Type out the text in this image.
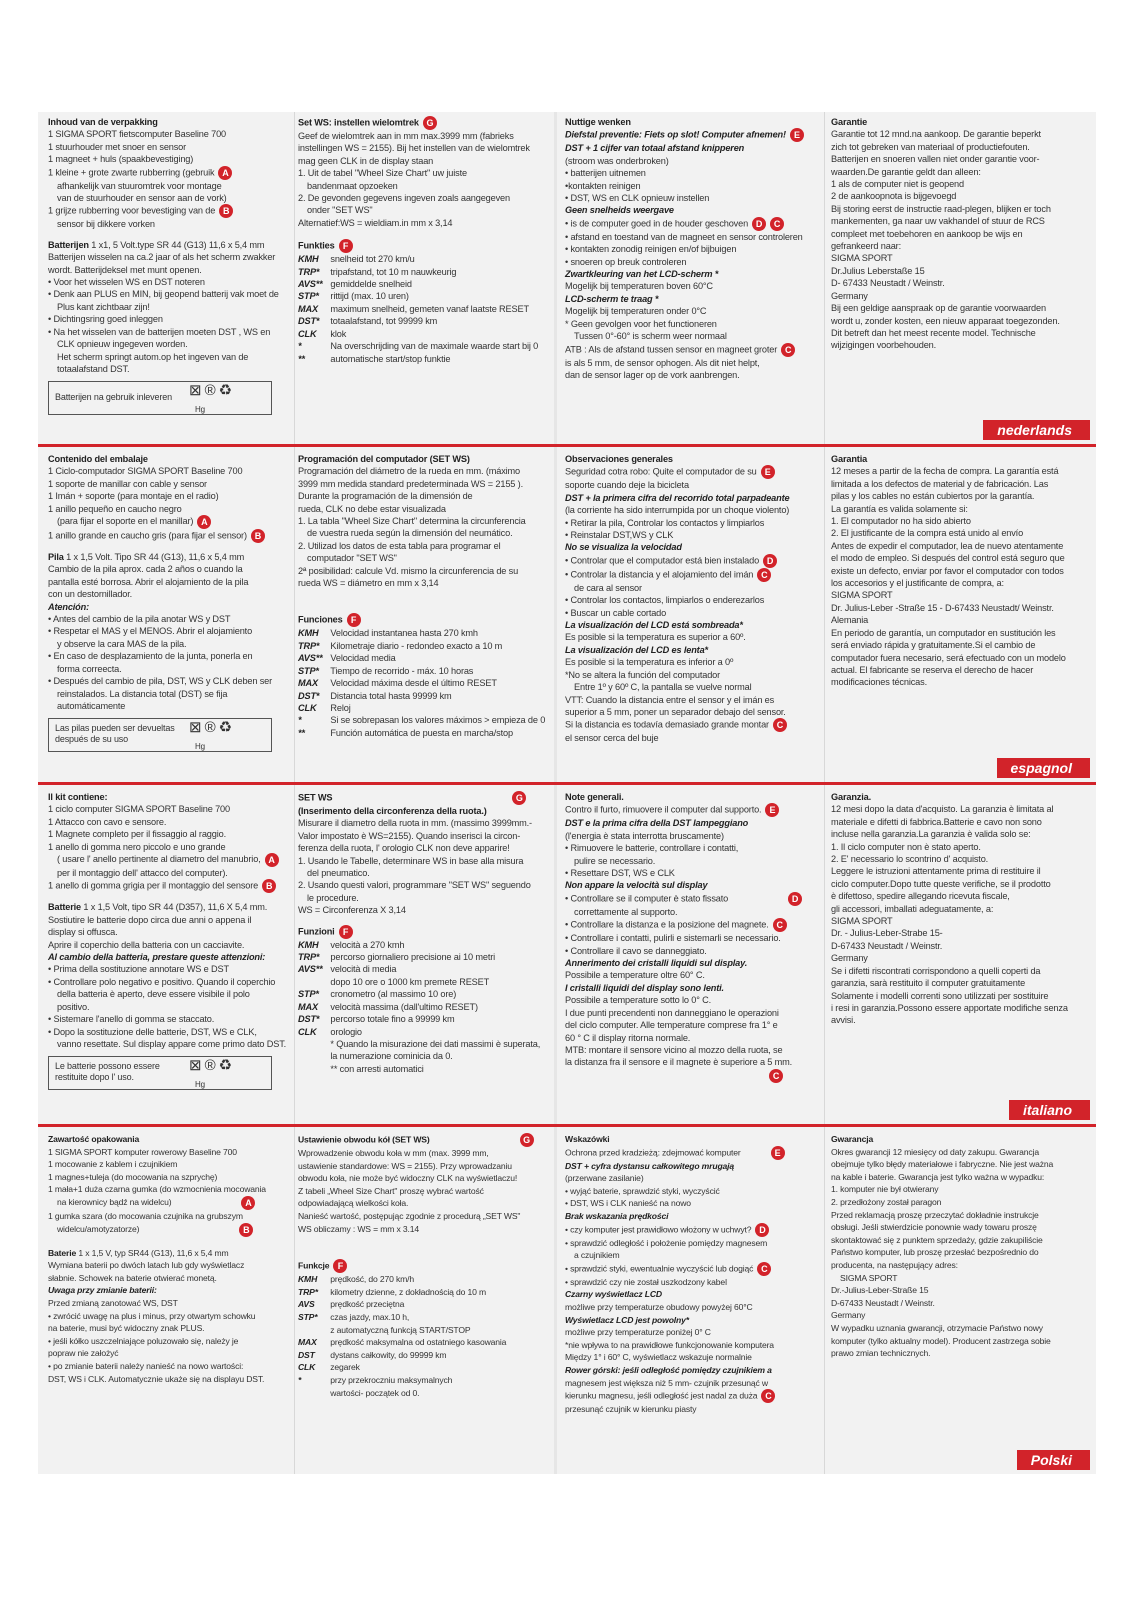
Inhoud van de verpakking

1 SIGMA SPORT fietscomputer Baseline 700

1 stuurhouder met snoer en sensor

1 magneet + huls (spaakbevestiging)

1 kleine + grote zwarte rubberring (gebruik A

afhankelijk van stuuromtrek voor montage

van de stuurhouder en sensor aan de vork)

1 grijze rubberring voor bevestiging van de B

sensor bij dikkere vorken

Batterijen 1 x1, 5 Volt.type SR 44 (G13) 11,6 x 5,4 mm

Batterijen wisselen na ca.2 jaar of als het scherm zwakker

wordt. Batterijdeksel met munt openen.

• Voor het wisselen WS en DST noteren

• Denk aan PLUS en MIN, bij geopend batterij vak moet de

Plus kant zichtbaar zijn!

• Dichtingsring goed inleggen

• Na het wisselen van de batterijen moeten DST , WS en

CLK opnieuw ingegeven worden.

Het scherm springt autom.op het ingeven van de

totaalafstand DST.

Batterijen na gebruik inleveren	⊠®♻
Hg

Set WS: instellen wielomtrek G

Geef de wielomtrek aan in mm max.3999 mm (fabrieks

instellingen WS = 2155). Bij het instellen van de wielomtrek

mag geen CLK in de display staan

1. Uit de tabel "Wheel Size Chart" uw juiste

bandenmaat opzoeken

2. De gevonden gegevens ingeven zoals aangegeven

onder "SET WS"

Alternatief:WS = wieldiam.in mm x 3,14

Funkties F

KMH snelheid tot 270 km/u

TRP* tripafstand, tot 10 m nauwkeurig

AVS** gemiddelde snelheid

STP* rittijd (max. 10 uren)

MAX maximum snelheid, gemeten vanaf laatste RESET

DST* totaalafstand, tot 99999 km

CLK klok

*	Na overschrijding van de maximale waarde start bij 0

**	automatische start/stop funktie

Nuttige wenken

Diefstal preventie: Fiets op slot! Computer afnemen! E

DST + 1 cijfer van totaal afstand knipperen

(stroom was onderbroken)

• batterijen uitnemen

•kontakten reinigen

• DST, WS en CLK opnieuw instellen

Geen snelheids weergave

• is de computer goed in de houder geschoven D C

• afstand en toestand van de magneet en sensor controleren

• kontakten zonodig reinigen en/of bijbuigen

• snoeren op breuk controleren

Zwartkleuring van het LCD-scherm *

Mogelijk bij temperaturen boven 60°C

LCD-scherm te traag *

Mogelijk bij temperaturen onder 0°C

* Geen gevolgen voor het functioneren

Tussen 0°-60° is scherm weer normaal

ATB : Als de afstand tussen sensor en magneet groter C

is als 5 mm, de sensor ophogen. Als dit niet helpt,

dan de sensor lager op de vork aanbrengen.

Garantie

Garantie tot 12 mnd.na aankoop. De garantie beperkt

zich tot gebreken van materiaal of productiefouten.

Batterijen en snoeren vallen niet onder garantie voor-

waarden.De garantie geldt dan alleen:

1 als de computer niet is geopend

2 de aankoopnota is bijgevoegd

Bij storing eerst de instructie raad-plegen, blijken er toch

mankementen, ga naar uw vakhandel of stuur de RCS

compleet met toebehoren en aankoop be wijs en

gefrankeerd naar:

SIGMA SPORT

Dr.Julius Leberstaße 15

D- 67433 Neustadt / Weinstr.

Germany

Bij een geldige aanspraak op de garantie voorwaarden

wordt u, zonder kosten, een nieuw apparaat toegezonden.

Dit betreft dan het meest recente model. Technische

wijzigingen voorbehouden.

nederlands

Contenido del embalaje

1 Ciclo-computador SIGMA SPORT Baseline 700

1 soporte de manillar con cable y sensor

1 Imán + soporte (para montaje en el radio)

1 anillo pequeño en caucho negro

(para fijar el soporte en el manillar) A

1 anillo grande en caucho gris (para fijar el sensor) B

Pila 1 x 1,5 Volt. Tipo SR 44 (G13), 11,6 x 5,4 mm

Cambio de la pila aprox. cada 2 años o cuando la

pantalla esté borrosa. Abrir el alojamiento de la pila

con un destornillador.

Atención:

• Antes del cambio de la pila anotar WS y DST

• Respetar el MAS y el MENOS. Abrir el alojamiento

y observe la cara MAS de la pila.

• En caso de desplazamiento de la junta, ponerla en

forma correecta.

• Después del cambio de pila, DST, WS y CLK deben ser

reinstalados. La distancia total (DST) se fija

automáticamente

Las pilas pueden ser devueltas después de su uso
⊠®♻
Hg

Programación del computador (SET WS)

Programación del diámetro de la rueda en mm. (máximo

3999 mm medida standard predeterminada WS = 2155 ).

Durante la programación de la dimensión de

rueda, CLK no debe estar visualizada

1. La tabla "Wheel Size Chart" determina la circunferencia

de vuestra rueda según la dimensión del neumático.

2. Utilizad los datos de esta tabla para programar el

computador "SET WS"

2ª posibilidad: calcule Vd. mismo la circunferencia de su

rueda WS = diámetro en mm x 3,14

Funciones F

KMH Velocidad instantanea hasta 270 kmh

TRP* Kilometraje diario - redondeo exacto a 10 m

AVS** Velocidad media

STP* Tiempo de recorrido - máx. 10 horas

MAX Velocidad máxima desde el último RESET

DST* Distancia total hasta 99999 km

CLK Reloj

*	Si se sobrepasan los valores máximos > empieza de 0

**	Función automática de puesta en marcha/stop

Observaciones generales

Seguridad cotra robo: Quite el computador de su E

soporte cuando deje la bicicleta

DST + la primera cifra del recorrido total parpadeante

(la corriente ha sido interrumpida por un choque violento)

• Retirar la pila, Controlar los contactos y limpiarlos

• Reinstalar DST,WS y CLK

No se visualiza la velocidad

• Controlar que el computador está bien instalado D

• Controlar la distancia y el alojamiento del imán C

de cara al sensor

• Controlar los contactos, limpiarlos o enderezarlos

• Buscar un cable cortado

La visualización del LCD está sombreada*

Es posible si la temperatura es superior a 60º.

La visualización del LCD es lenta*

Es posible si la temperatura es inferior a 0º

*No se altera la función del computador

Entre 1º y 60º C, la pantalla se vuelve normal

VTT: Cuando la distancia entre el sensor y el imán es

superior a 5 mm, poner un separador debajo del sensor.

Si la distancia es todavía demasiado grande montar C

el sensor cerca del buje

Garantia

12 meses a partir de la fecha de compra. La garantía está

limitada a los defectos de material y de fabricación. Las

pilas y los cables no están cubiertos por la garantía.

La garantía es valida solamente si:

1. El computador no ha sido abierto

2. El justificante de la compra está unido al envío

Antes de expedir el computador, lea de nuevo atentamente

el modo de empleo. Si después del control está seguro que

existe un defecto, enviar por favor el computador con todos

los accesorios y el justificante de compra, a:

SIGMA SPORT

Dr. Julius-Leber -Straße 15 - D-67433 Neustadt/ Weinstr.

Alemania

En periodo de garantía, un computador en sustitución les

será enviado rápida y gratuitamente.Si el cambio de

computador fuera necesario, será efectuado con un modelo

actual. El fabricante se reserva el derecho de hacer

modificaciones técnicas.

espagnol

Il kit contiene:

1 ciclo computer SIGMA SPORT Baseline 700

1 Attacco con cavo e sensore.

1 Magnete completo per il fissaggio al raggio.

1 anello di gomma nero piccolo e uno grande

( usare l' anello pertinente al diametro del manubrio, A

per il montaggio dell' attacco del computer).

1 anello di gomma grigia per il montaggio del sensore B

Batterie 1 x 1,5 Volt, tipo SR 44 (D357), 11,6 X 5,4 mm.

Sostiutire le batterie dopo circa due anni o appena il

display si offusca.

Aprire il coperchio della batteria con un cacciavite.

Al cambio della batteria, prestare queste attenzioni:

• Prima della sostituzione annotare WS e DST

• Controllare polo negativo e positivo. Quando il coperchio

della batteria è aperto, deve essere visibile il polo

positivo.

• Sistemare l'anello di gomma se staccato.

• Dopo la sostituzione delle batterie, DST, WS e CLK,

vanno resettate. Sul display appare come primo dato DST.

Le batterie possono essere restituite dopo l' uso.
⊠®♻
Hg

SET WS	G

(Inserimento della circonferenza della ruota.)

Misurare il diametro della ruota in mm. (massimo 3999mm.-

Valor impostato è WS=2155). Quando inserisci la circon-

ferenza della ruota, l' orologio CLK non deve apparire!

1. Usando le Tabelle, determinare WS in base alla misura

del pneumatico.

2. Usando questi valori, programmare "SET WS" seguendo

le procedure.

WS = Circonferenza X 3,14

Funzioni F

KMH velocità a 270 kmh

TRP* percorso giornaliero precisione ai 10 metri

AVS** velocità di media

dopo 10 ore o 1000 km premete RESET

STP* cronometro (al massimo 10 ore)

MAX velocità massima (dall'ultimo RESET)

DST* percorso totale fino a 99999 km

CLK orologio

* Quando la misurazione dei dati massimi è superata,

la numerazione cominicia da 0.

** con arresti automatici

Note generali.

Contro il furto, rimuovere il computer dal supporto. E

DST e la prima cifra della DST lampeggiano

(l'energia è stata interrotta bruscamente)

• Rimuovere le batterie, controllare i contatti,

pulire se necessario.

• Resettare DST, WS e CLK

Non appare la velocità sul display

• Controllare se il computer è stato fissato	D

correttamente al supporto.

• Controllare la distanza e la posizione del magnete. C

• Controllare i contatti, pulirli e sistemarli se necessario.

• Controllare il cavo se danneggiato.

Annerimento dei cristalli liquidi sul display.

Possibile a temperature oltre 60° C.

I cristalli liquidi del display sono lenti.

Possibile a temperature sotto lo 0° C.

I due punti precendenti non danneggiano le operazioni

del ciclo computer. Alle temperature comprese fra 1° e

60 ° C il display ritorna normale.

MTB: montare il sensore vicino al mozzo della ruota, se

la distanza fra il sensore e il magnete è superiore a 5 mm.

C

Garanzia.

12 mesi dopo la data d'acquisto. La garanzia è limitata al

materiale e difetti di fabbrica.Batterie e cavo non sono

incluse nella garanzia.La garanzia è valida solo se:

1. Il ciclo computer non è stato aperto.

2. E' necessario lo scontrino d' acquisto.

Leggere le istruzioni attentamente prima di restituire il

ciclo computer.Dopo tutte queste verifiche, se il prodotto

è difettoso, spedire allegando ricevuta fiscale,

gli accessori, imballati adeguatamente, a:

SIGMA SPORT

Dr. - Julius-Leber-Strabe 15-

D-67433 Neustadt / Weinstr.

Germany

Se i difetti riscontrati corrispondono a quelli coperti da

garanzia, sarà restituito il computer gratuitamente

Solamente i modelli correnti sono utilizzati per sostituire

i resi in garanzia.Possono essere apportate modifiche senza

avvisi.

italiano

Zawartość opakowania

1 SIGMA SPORT komputer rowerowy Baseline 700

1 mocowanie z kablem i czujnikiem

1 magnes+tuleja (do mocowania na szprychę)

1 mała+1 duża czarna gumka (do wzmocnienia mocowania

na kierownicy bądź na widelcu)	A

1 gumka szara (do mocowania czujnika na grubszym

widelcu/amotyzatorze)	B

Baterie 1 x 1,5 V, typ SR44 (G13), 11,6 x 5,4 mm

Wymiana baterii po dwóch latach lub gdy wyświetlacz

słabnie. Schowek na baterie otwierać monetą.

Uwaga przy zmianie baterii:

Przed zmianą zanotować WS, DST

• zwrócić uwagę na plus i minus, przy otwartym schowku

na baterie, musi być widoczny znak PLUS.

• jeśli kółko uszczelniające poluzowało się, należy je

popraw nie założyć

• po zmianie baterii należy nanieść na nowo wartości:

DST, WS i CLK. Automatycznie ukaże się na displayu DST.

Ustawienie obwodu kół (SET WS)	G

Wprowadzenie obwodu koła w mm (max. 3999 mm,

ustawienie standardowe: WS = 2155). Przy wprowadzaniu

obwodu koła, nie może być widoczny CLK na wyświetlaczu!

Z tabeli „Wheel Size Chart" proszę wybrać wartość

odpowiadającą wielkości koła.

Nanieść wartość, postępując zgodnie z procedurą „SET WS"

WS obliczamy : WS = mm x 3.14

Funkcje F

KMH prędkość, do 270 km/h

TRP* kilometry dzienne, z dokładnością do 10 m

AVS prędkość przeciętna

STP* czas jazdy, max.10 h,

z automatyczną funkcją START/STOP

MAX prędkość maksymalna od ostatniego kasowania

DST dystans całkowity, do 99999 km

CLK zegarek

*	przy przekroczniu maksymalnych

wartości- początek od 0.

Wskazówki

Ochrona przed kradzieżą: zdejmować komputer	E

DST + cyfra dystansu całkowitego mrugają

(przerwane zasilanie)

• wyjąć baterie, sprawdzić styki, wyczyścić

• DST, WS i CLK nanieść na nowo

Brak wskazania prędkości

• czy komputer jest prawidłowo włożony w uchwyt? D

• sprawdzić odległość i położenie pomiędzy magnesem

a czujnikiem

• sprawdzić styki, ewentualnie wyczyścić lub dogiąć C

• sprawdzić czy nie został uszkodzony kabel

Czarny wyświetlacz LCD

możliwe przy temperaturze obudowy powyżej 60°C

Wyświetlacz LCD jest powolny*

możliwe przy temperaturze poniżej 0° C

*nie wpływa to na prawidłowe funkcjonowanie komputera

Między 1° i 60° C, wyświetlacz wskazuje normalnie

Rower górski: jeśli odległość pomiędzy czujnikiem a

magnesem jest większa niż 5 mm- czujnik przesunąć w

kierunku magnesu, jeśli odległość jest nadal za duża C

przesunąć czujnik w kierunku piasty

Gwarancja

Okres gwarancji 12 miesięcy od daty zakupu. Gwarancja

obejmuje tylko błędy materiałowe i fabryczne. Nie jest ważna

na kable i baterie. Gwarancja jest tylko ważna w wypadku:

1. komputer nie był otwierany

2. przedłożony został paragon

Przed reklamacją proszę przeczytać dokładnie instrukcje

obsługi. Jeśli stwierdzicie ponownie wady towaru proszę

skontaktować się z punktem sprzedaży, gdzie zakupiliście

Państwo komputer, lub proszę przesłać bezpośrednio do

producenta, na następujący adres:

SIGMA SPORT

Dr.-Julius-Leber-Straße 15

D-67433 Neustadt / Weinstr.

Germany

W wypadku uznania gwarancji, otrzymacie Państwo nowy

komputer (tylko aktualny model). Producent zastrzega sobie

prawo zmian technicznych.

Polski
